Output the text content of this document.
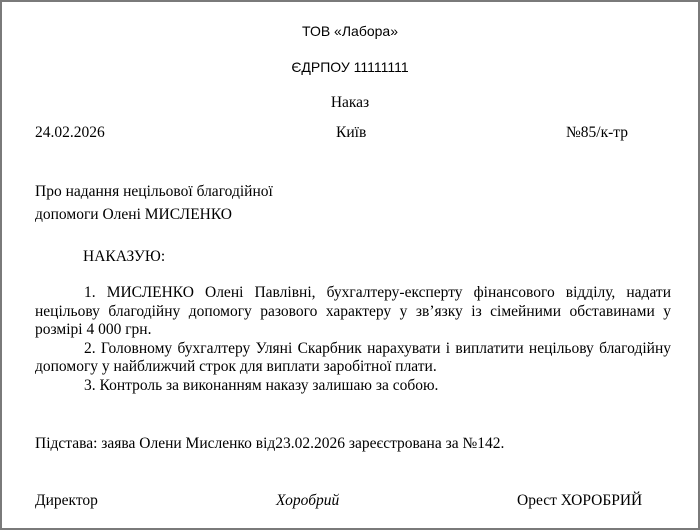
ТОВ «Лабора»
ЄДРПОУ 11111111
Наказ
24.02.2026	Київ	№85/к-тр
Про надання нецільової благодійної
допомоги Олені МИСЛЕНКО
НАКАЗУЮ:

1. МИСЛЕНКО Олені Павлівні, бухгалтеру-експерту фінансового відділу, надати нецільову благодійну допомогу разового характеру у зв’язку із сімейними обставинами у розмірі 4 000 грн.

2. Головному бухгалтеру Уляні Скарбник нарахувати і виплатити нецільову благодійну допомогу у найближчий строк для виплати заробітної плати.

3. Контроль за виконанням наказу залишаю за собою.

Підстава: заява Олени Мисленко від23.02.2026 зареєстрована за №142.
Директор	Хоробрий	Орест ХОРОБРИЙ
